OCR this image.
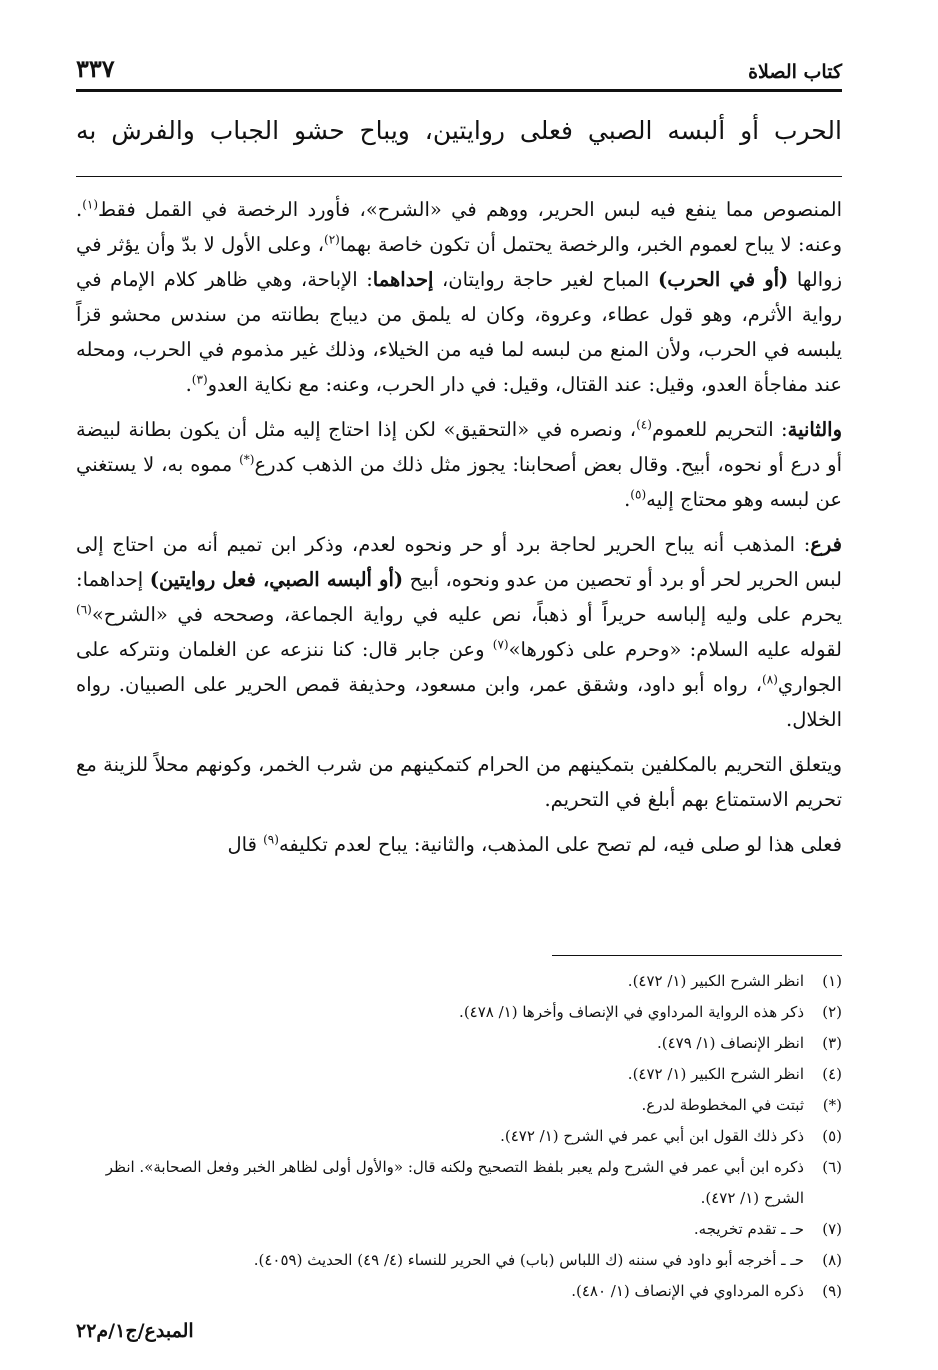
كتاب الصلاة
٣٣٧
الحرب أو ألبسه الصبي فعلى روايتين، ويباح حشو الجباب والفرش به

المنصوص مما ينفع فيه لبس الحرير، ووهم في «الشرح»، فأورد الرخصة في القمل فقط$^{(١)}$. وعنه: لا يباح لعموم الخبر، والرخصة يحتمل أن تكون خاصة بهما$^{(٢)}$، وعلى الأول لا بدّ وأن يؤثر في زوالها (أو في الحرب) المباح لغير حاجة روايتان، إحداهما: الإباحة، وهي ظاهر كلام الإمام في رواية الأثرم، وهو قول عطاء، وعروة، وكان له يلمق من ديباج بطانته من سندس محشو قزاً يلبسه في الحرب، ولأن المنع من لبسه لما فيه من الخيلاء، وذلك غير مذموم في الحرب، ومحله عند مفاجأة العدو، وقيل: عند القتال، وقيل: في دار الحرب، وعنه: مع نكاية العدو$^{(٣)}$.

والثانية: التحريم للعموم$^{(٤)}$، ونصره في «التحقيق» لكن إذا احتاج إليه مثل أن يكون بطانة لبيضة أو درع أو نحوه، أبيح. وقال بعض أصحابنا: يجوز مثل ذلك من الذهب كدرع(*) مموه به، لا يستغني عن لبسه وهو محتاج إليه$^{(٥)}$.

فرع: المذهب أنه يباح الحرير لحاجة برد أو حر ونحوه لعدم، وذكر ابن تميم أنه من احتاج إلى لبس الحرير لحر أو برد أو تحصين من عدو ونحوه، أبيح (أو ألبسه الصبي، فعل روايتين) إحداهما: يحرم على وليه إلباسه حريراً أو ذهباً، نص عليه في رواية الجماعة، وصححه في «الشرح»$^{(٦)}$ لقوله عليه السلام: «وحرم على ذكورها»$^{(٧)}$ وعن جابر قال: كنا ننزعه عن الغلمان ونتركه على الجواري$^{(٨)}$، رواه أبو داود، وشقق عمر، وابن مسعود، وحذيفة قمص الحرير على الصبيان. رواه الخلال.

ويتعلق التحريم بالمكلفين بتمكينهم من الحرام كتمكينهم من شرب الخمر، وكونهم محلاً للزينة مع تحريم الاستمتاع بهم أبلغ في التحريم.

فعلى هذا لو صلى فيه، لم تصح على المذهب، والثانية: يباح لعدم تكليفه$^{(٩)}$ قال

(١)
انظر الشرح الكبير (١/ ٤٧٢).
(٢)
ذكر هذه الرواية المرداوي في الإنصاف وأخرها (١/ ٤٧٨).
(٣)
انظر الإنصاف (١/ ٤٧٩).
(٤)
انظر الشرح الكبير (١/ ٤٧٢).
(*)
ثبتت في المخطوطة لدرع.
(٥)
ذكر ذلك القول ابن أبي عمر في الشرح (١/ ٤٧٢).
(٦)
ذكره ابن أبي عمر في الشرح ولم يعبر بلفظ التصحيح ولكنه قال: «والأول أولى لظاهر الخبر وفعل الصحابة». انظر الشرح (١/ ٤٧٢).
(٧)
حـ ـ تقدم تخريجه.
(٨)
حـ ـ أخرجه أبو داود في سننه (ك اللباس (باب) في الحرير للنساء (٤/ ٤٩) الحديث (٤٠٥٩).
(٩)
ذكره المرداوي في الإنصاف (١/ ٤٨٠).
المبدع/ج١/م٢٢
